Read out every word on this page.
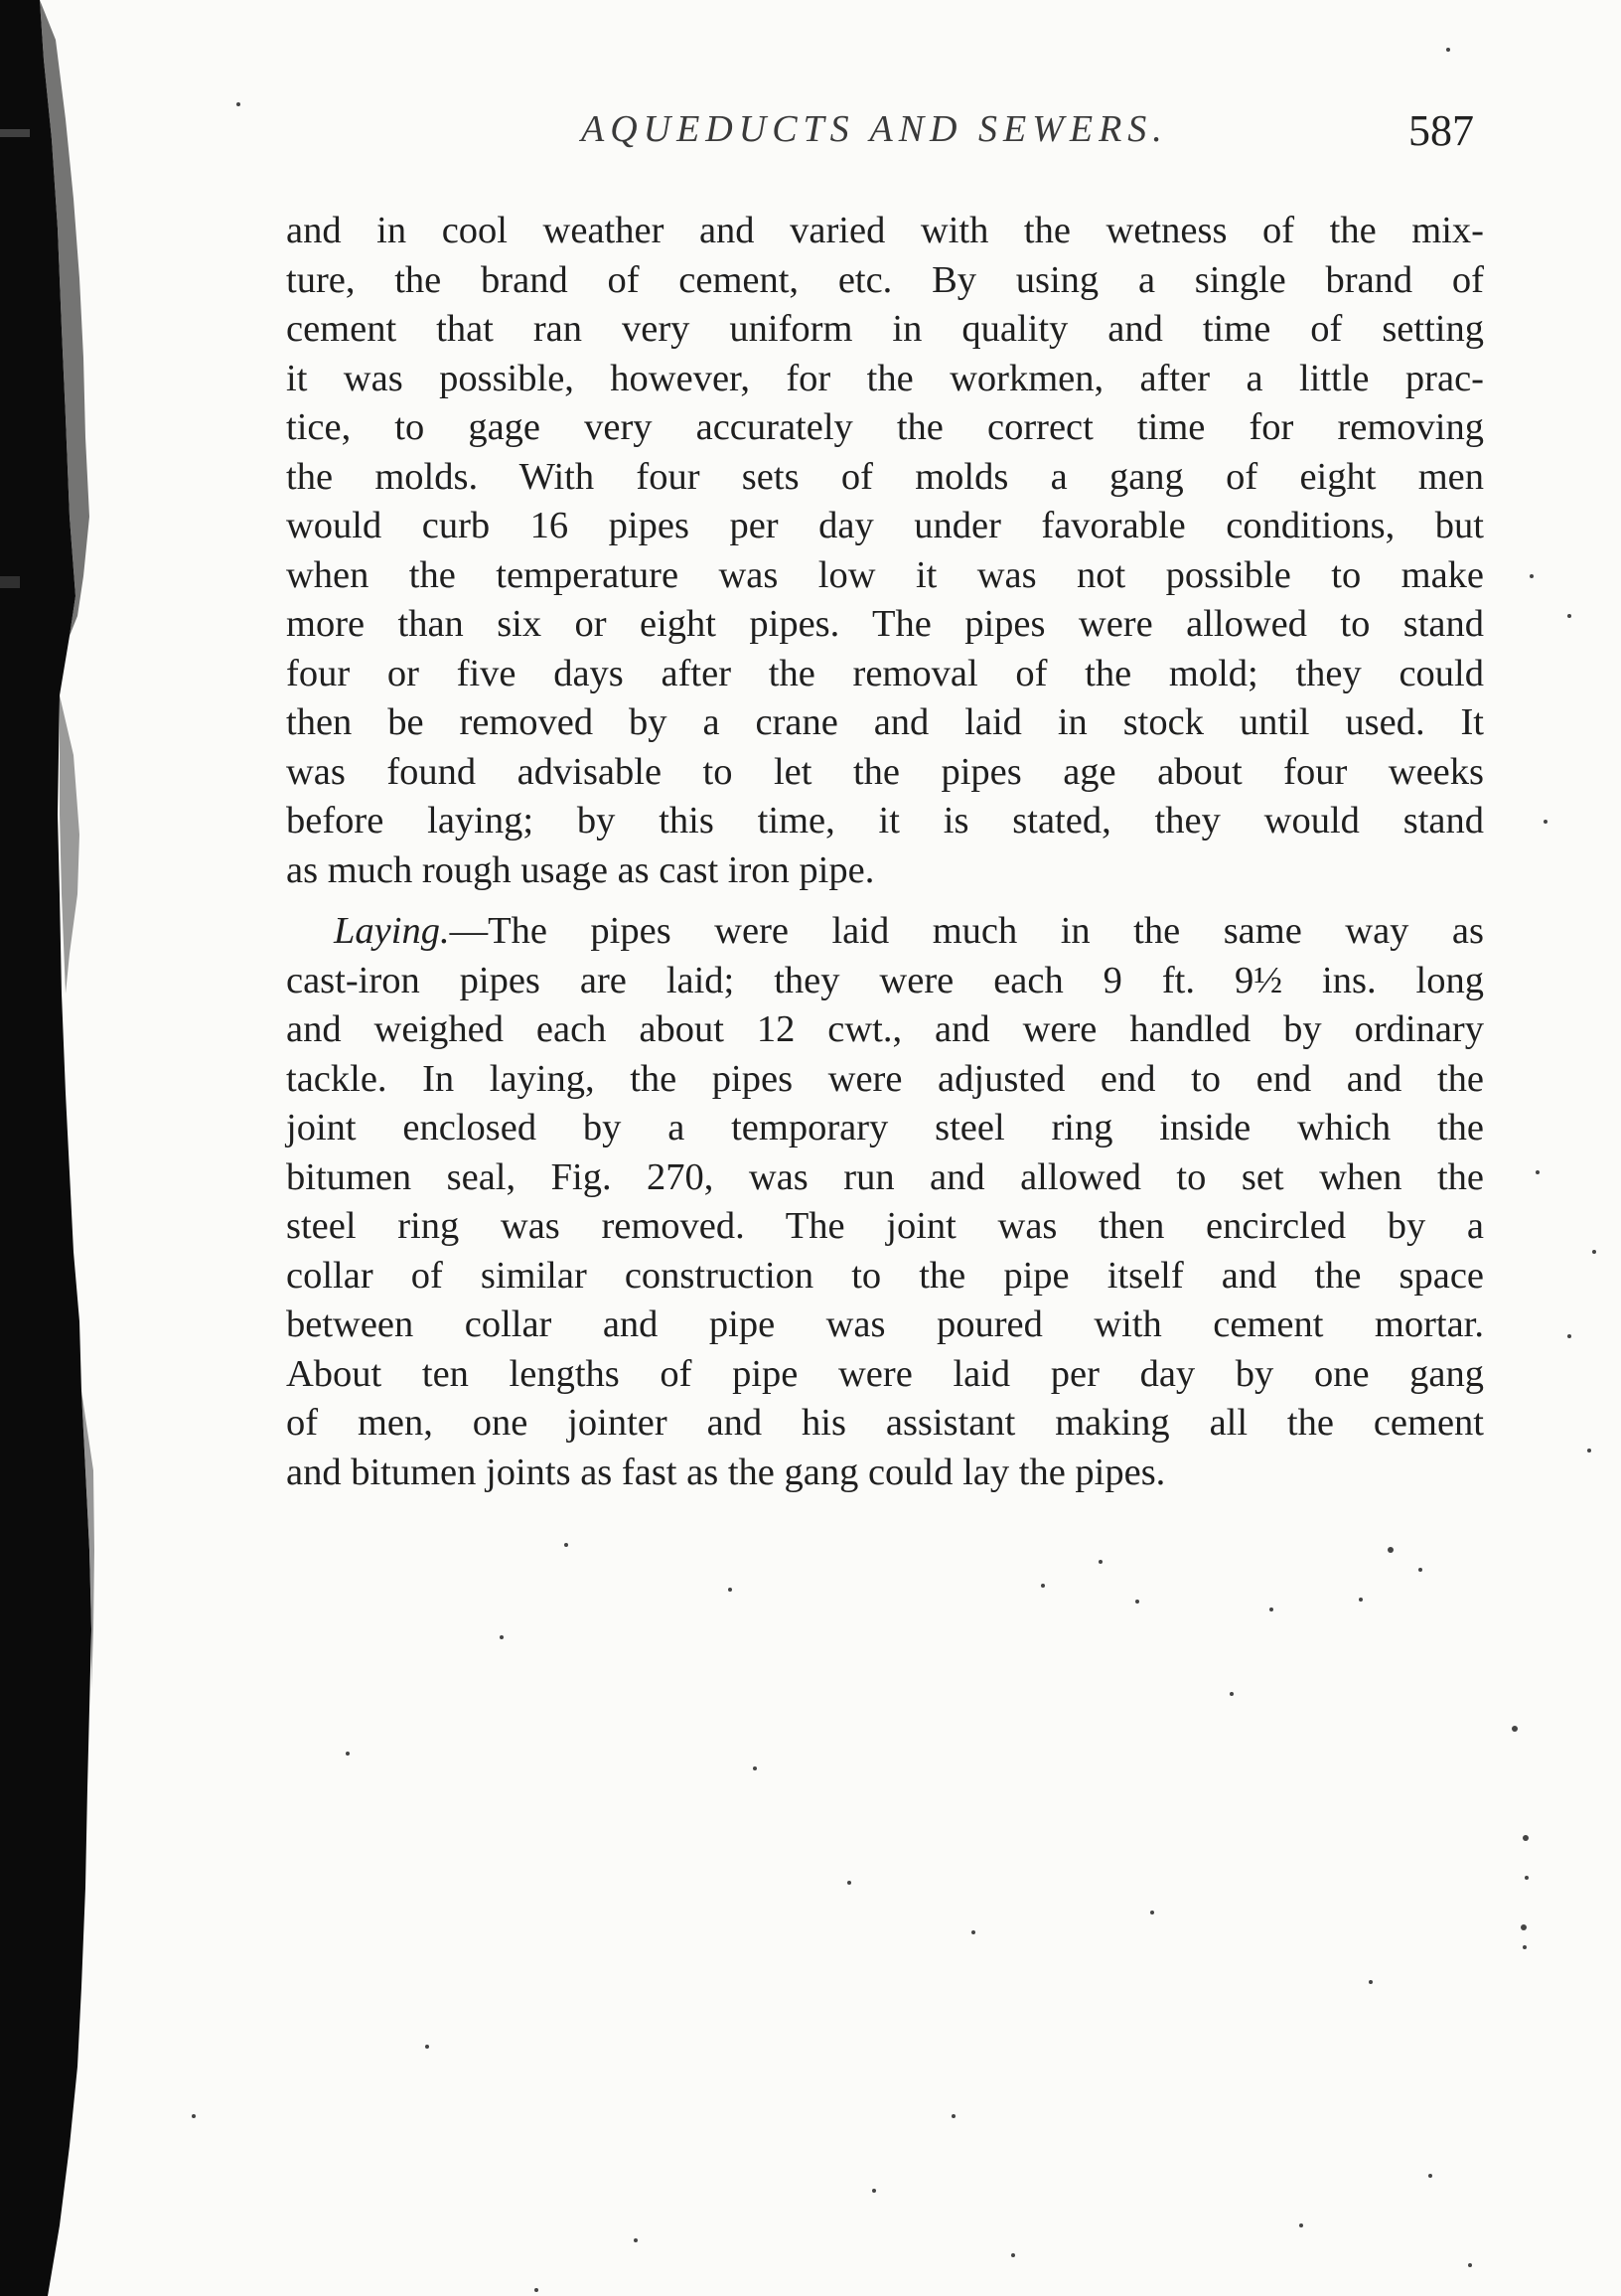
AQUEDUCTS AND SEWERS.	587
and in cool weather and varied with the wetness of the mix-
ture, the brand of cement, etc. By using a single brand of
cement that ran very uniform in quality and time of setting
it was possible, however, for the workmen, after a little prac-
tice, to gage very accurately the correct time for removing
the molds. With four sets of molds a gang of eight men
would curb 16 pipes per day under favorable conditions, but
when the temperature was low it was not possible to make
more than six or eight pipes. The pipes were allowed to stand
four or five days after the removal of the mold; they could
then be removed by a crane and laid in stock until used. It
was found advisable to let the pipes age about four weeks
before laying; by this time, it is stated, they would stand
as much rough usage as cast iron pipe.
Laying.—The pipes were laid much in the same way as
cast-iron pipes are laid; they were each 9 ft. 9½ ins. long
and weighed each about 12 cwt., and were handled by ordinary
tackle. In laying, the pipes were adjusted end to end and the
joint enclosed by a temporary steel ring inside which the
bitumen seal, Fig. 270, was run and allowed to set when the
steel ring was removed. The joint was then encircled by a
collar of similar construction to the pipe itself and the space
between collar and pipe was poured with cement mortar.
About ten lengths of pipe were laid per day by one gang
of men, one jointer and his assistant making all the cement
and bitumen joints as fast as the gang could lay the pipes.
